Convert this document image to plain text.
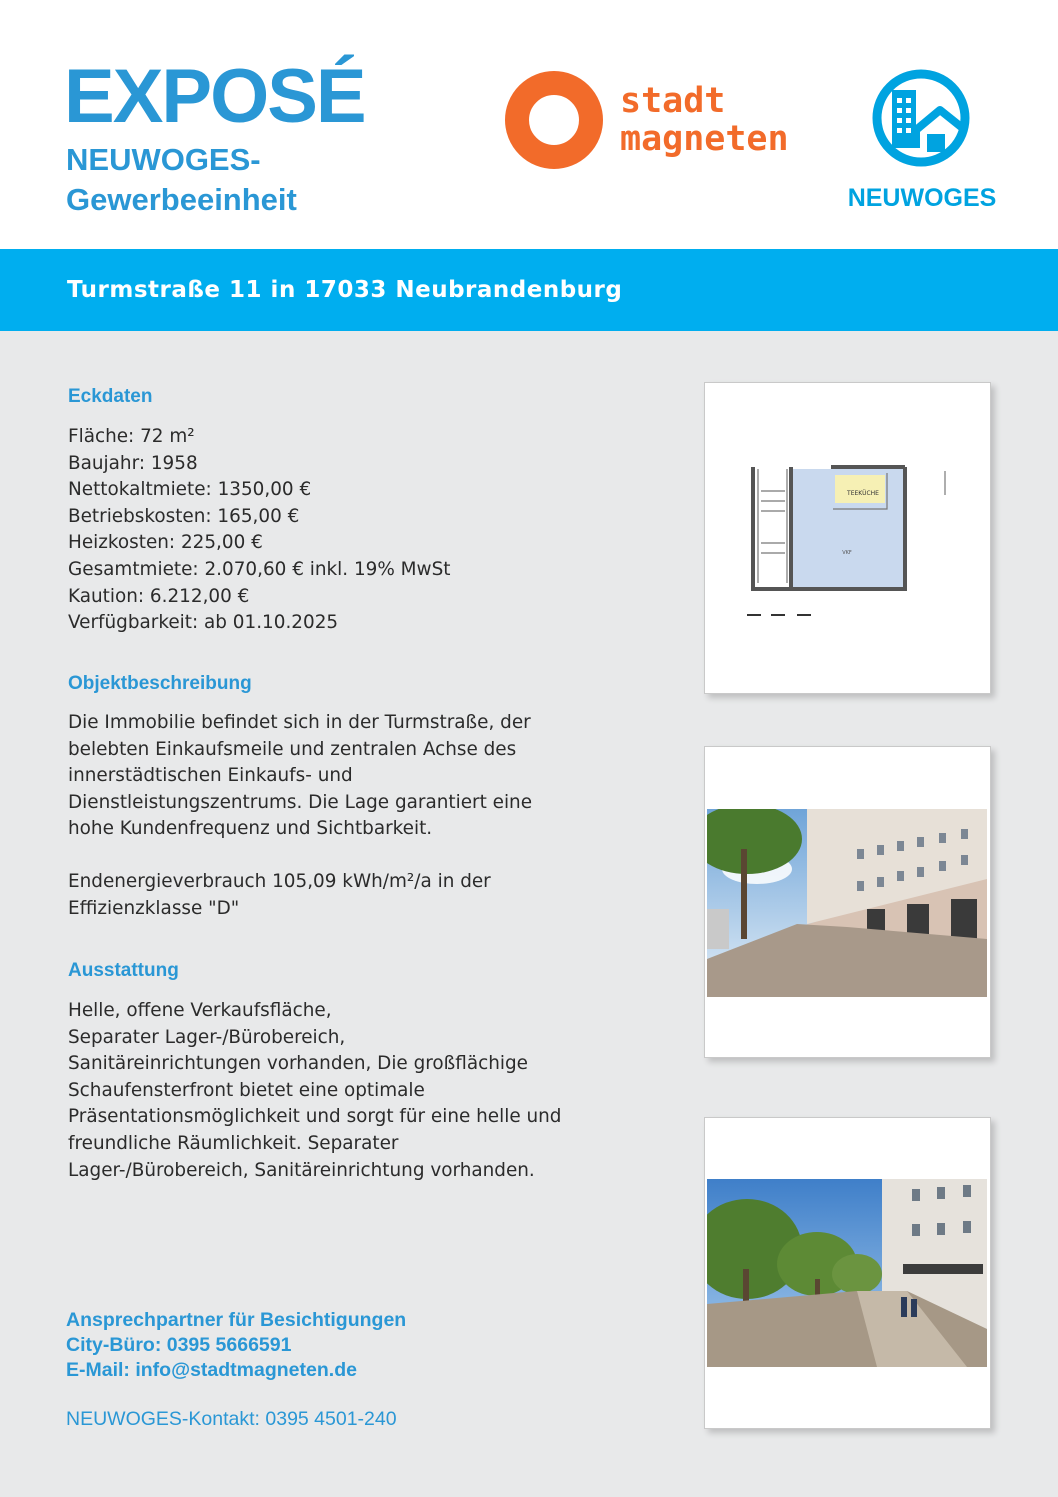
EXPOSÉ
NEUWOGES-
Gewerbeeinheit
stadt
magneten
NEUWOGES
Turmstraße 11 in 17033 Neubrandenburg
Eckdaten
Fläche: 72 m²
Baujahr: 1958
Nettokaltmiete: 1350,00 €
Betriebskosten: 165,00 €
Heizkosten: 225,00 €
Gesamtmiete: 2.070,60 € inkl. 19% MwSt
Kaution: 6.212,00 €
Verfügbarkeit: ab 01.10.2025
Objektbeschreibung
Die Immobilie befindet sich in der Turmstraße, der
belebten Einkaufsmeile und zentralen Achse des
innerstädtischen Einkaufs- und
Dienstleistungszentrums. Die Lage garantiert eine
hohe Kundenfrequenz und Sichtbarkeit.
Endenergieverbrauch 105,09 kWh/m²/a in der
Effizienzklasse "D"
Ausstattung
Helle, offene Verkaufsfläche,
Separater Lager-/Bürobereich,
Sanitäreinrichtungen vorhanden, Die großflächige
Schaufensterfront bietet eine optimale
Präsentationsmöglichkeit und sorgt für eine helle und
freundliche Räumlichkeit. Separater
Lager-/Bürobereich, Sanitäreinrichtung vorhanden.
Ansprechpartner für Besichtigungen
City-Büro: 0395 5666591
E-Mail: info@stadtmagneten.de
NEUWOGES-Kontakt: 0395 4501-240
TEEKÜCHE
VKF
